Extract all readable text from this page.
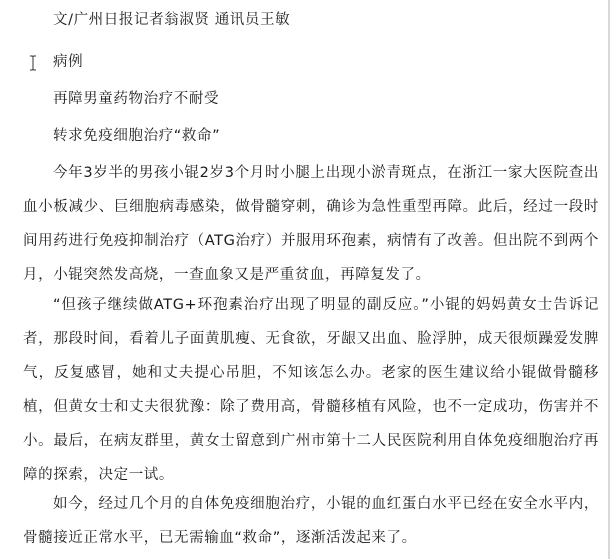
文/广州日报记者翁淑贤 通讯员王敏
病例
再障男童药物治疗不耐受
转求免疫细胞治疗“救命”
今年3岁半的男孩小锟2岁3个月时小腿上出现小淤青斑点，在浙江一家大医院查出血小板减少、巨细胞病毒感染，做骨髓穿刺，确诊为急性重型再障。此后，经过一段时间用药进行免疫抑制治疗（ATG治疗）并服用环孢素，病情有了改善。但出院不到两个月，小锟突然发高烧，一查血象又是严重贫血，再障复发了。
“但孩子继续做ATG+环孢素治疗出现了明显的副反应。”小锟的妈妈黄女士告诉记者，那段时间，看着儿子面黄肌瘦、无食欲，牙龈又出血、脸浮肿，成天很烦躁爱发脾气，反复感冒，她和丈夫提心吊胆，不知该怎么办。老家的医生建议给小锟做骨髓移植，但黄女士和丈夫很犹豫：除了费用高，骨髓移植有风险，也不一定成功，伤害并不小。最后，在病友群里，黄女士留意到广州市第十二人民医院利用自体免疫细胞治疗再障的探索，决定一试。
如今，经过几个月的自体免疫细胞治疗，小锟的血红蛋白水平已经在安全水平内，骨髓接近正常水平，已无需输血“救命”，逐渐活泼起来了。
